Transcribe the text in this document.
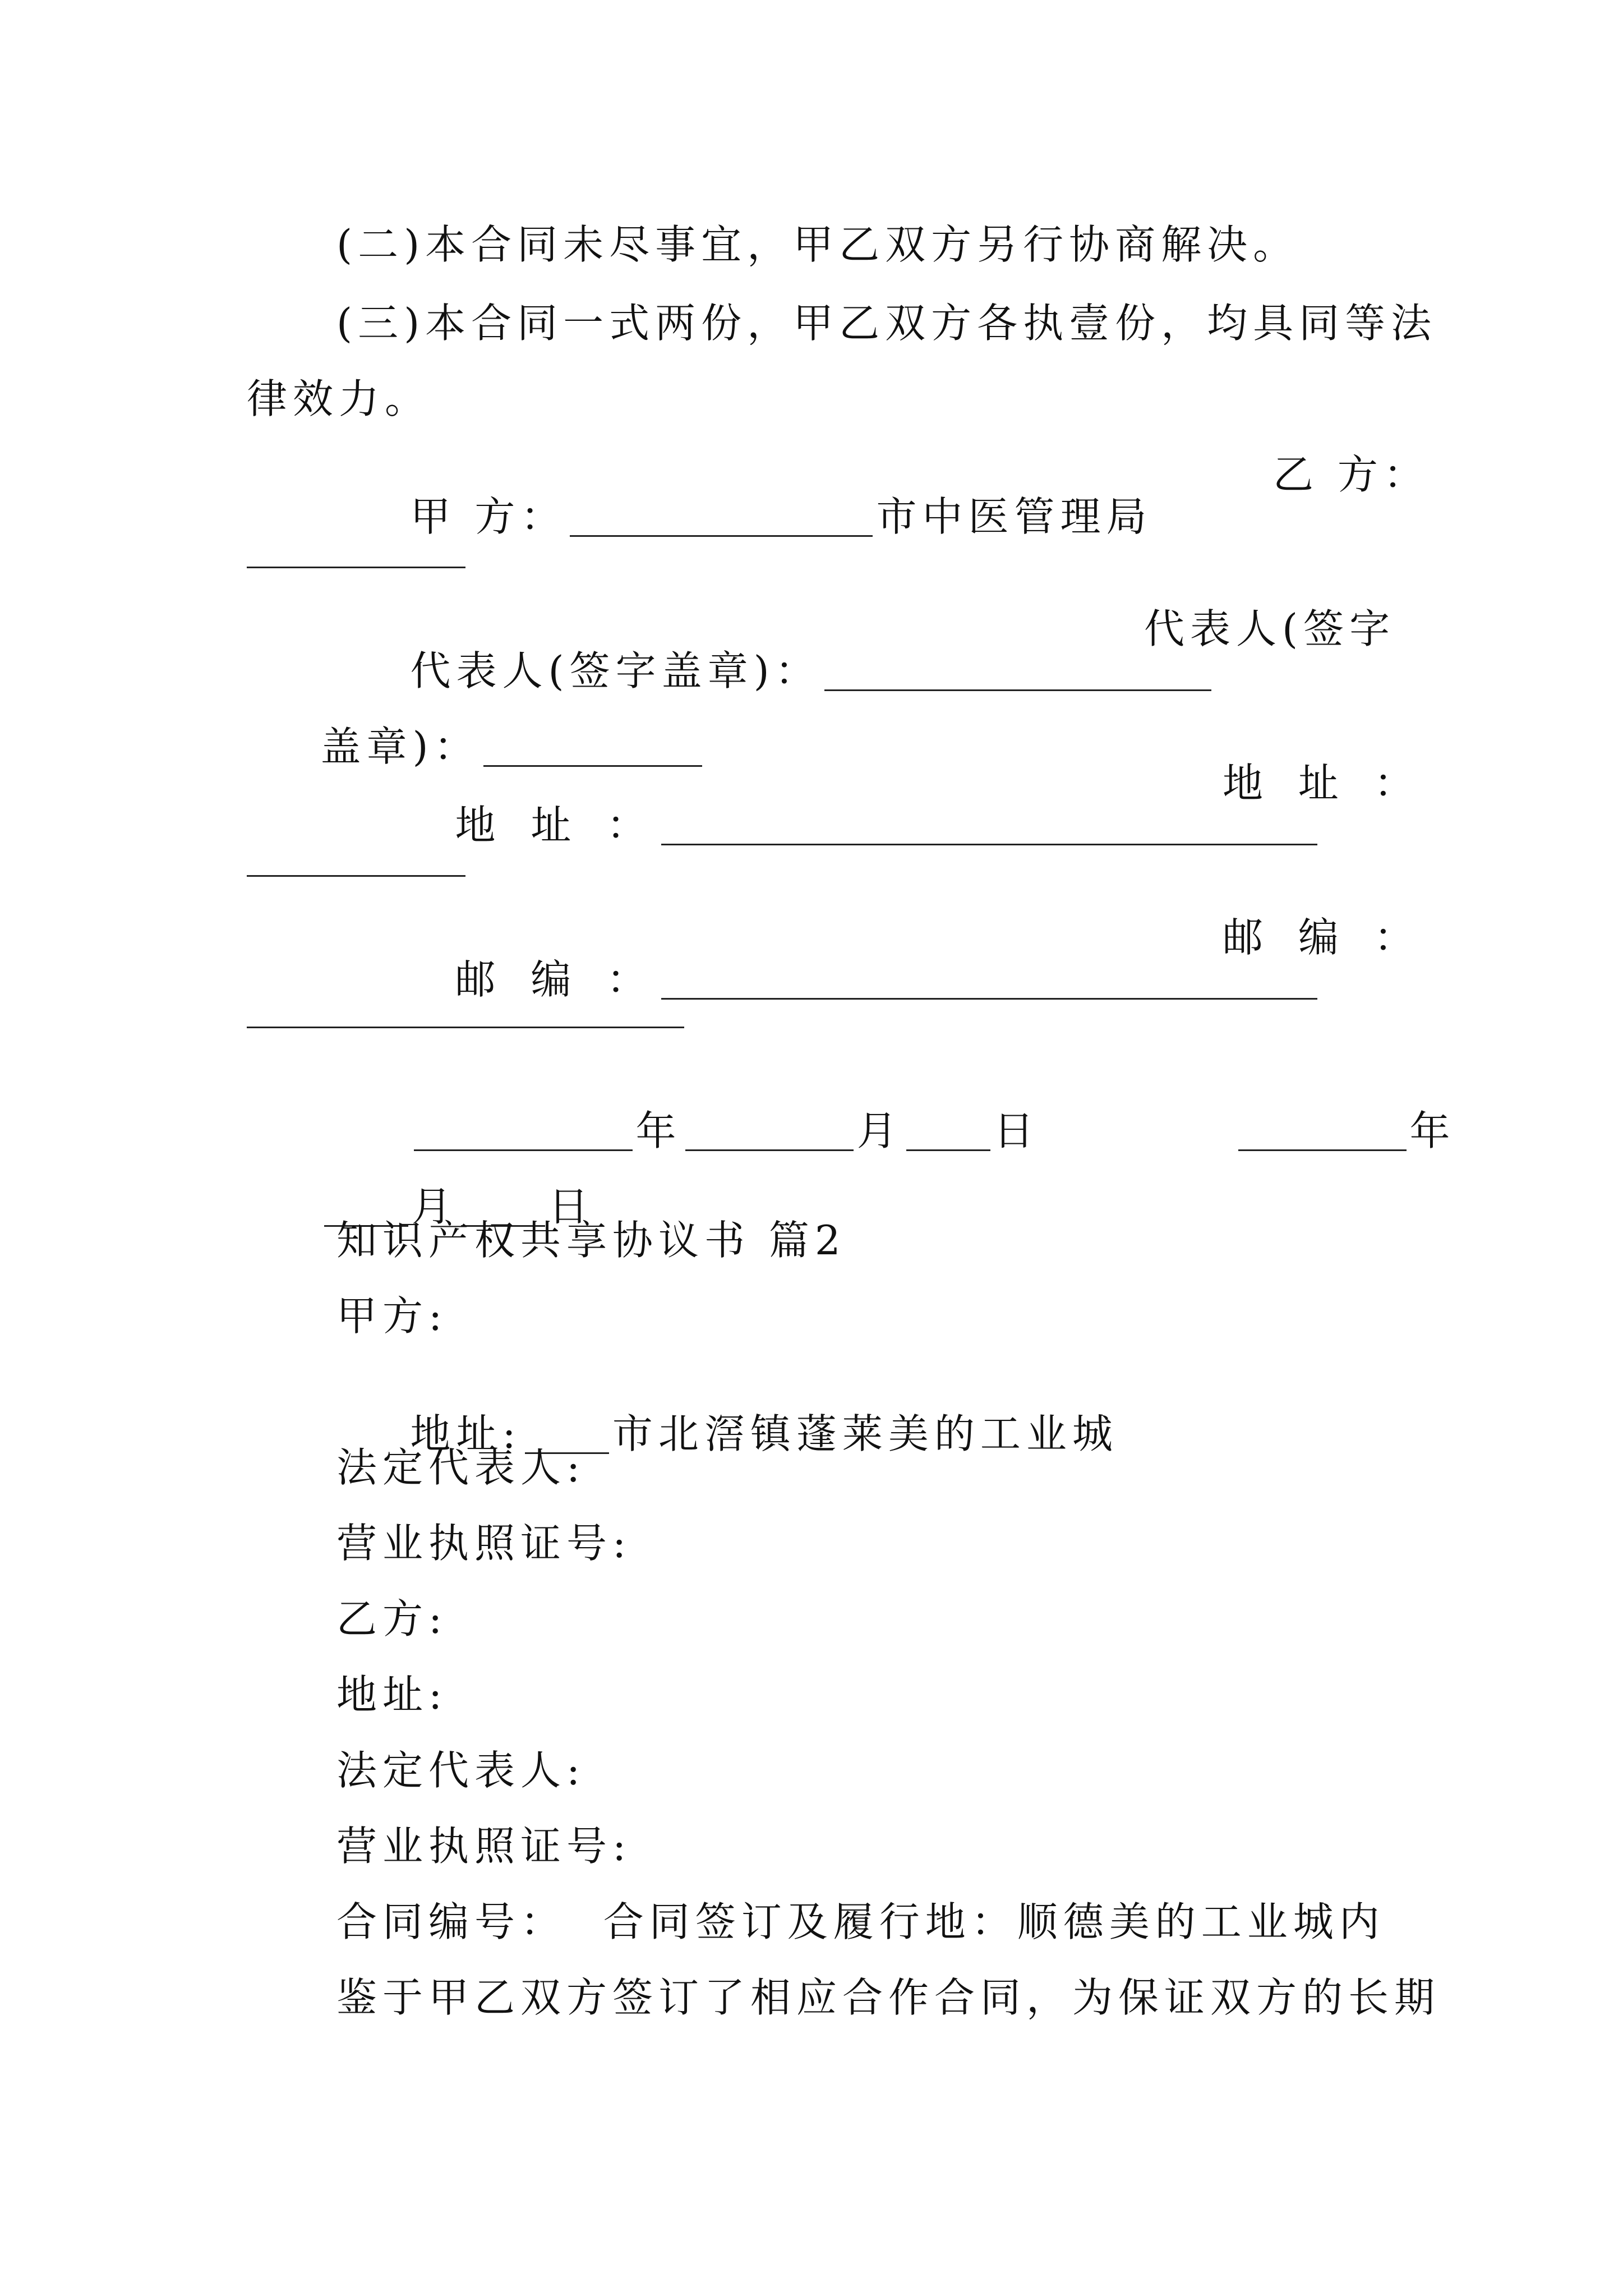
(二)本合同未尽事宜，甲乙双方另行协商解决。
(三)本合同一式两份，甲乙双方各执壹份，均具同等法
律效力。

甲 方：	市中医管理局

乙 方：

代表人(签字盖章)：

代表人(签字

盖章)：

地 址 ：

地 址 ：

邮 编 ：

邮 编 ：

年	月 日
	年

月 日

知识产权共享协议书 篇2
甲方:

地址: 市北滘镇蓬莱美的工业城

法定代表人:
营业执照证号:
乙方:
地址:
法定代表人:
营业执照证号:
合同编号：  合同签订及履行地：顺德美的工业城内
鉴于甲乙双方签订了相应合作合同，为保证双方的长期
